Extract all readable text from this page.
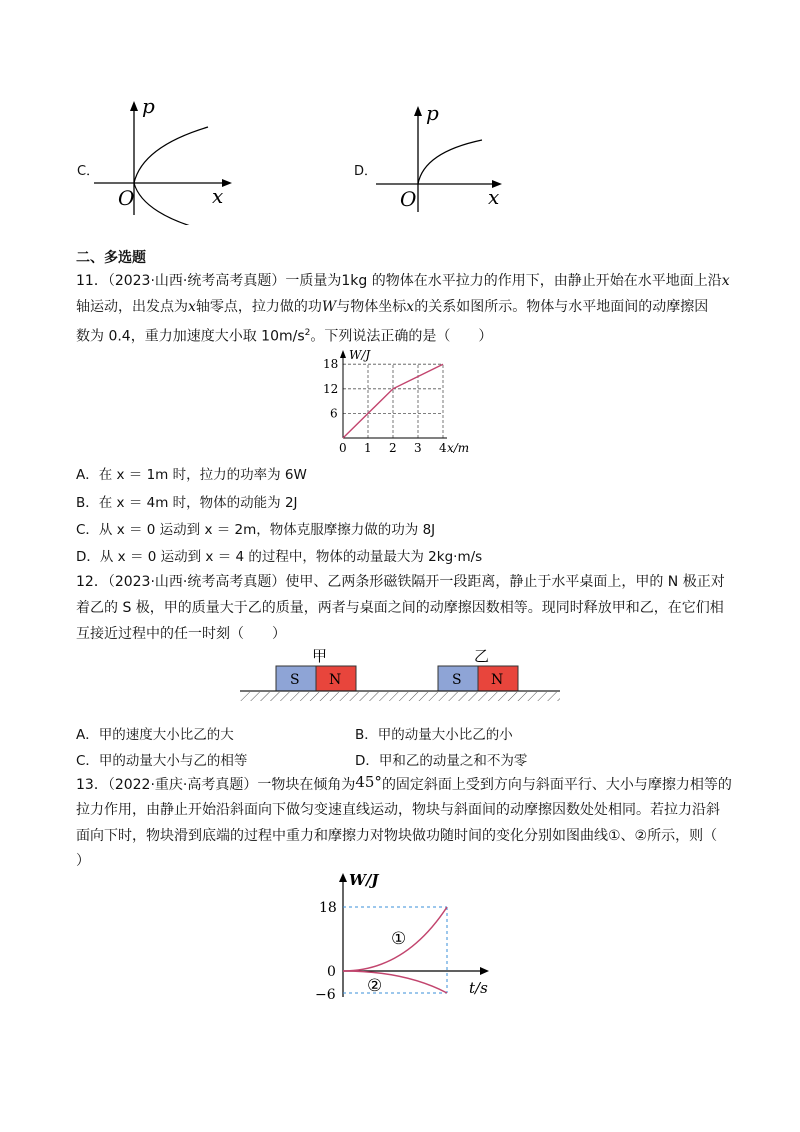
C．
p
x
O
D．
p
x
O
二、多选题
11．（2023·山西·统考高考真题）一质量为1kg 的物体在水平拉力的作用下，由静止开始在水平地面上沿x
轴运动，出发点为x轴零点，拉力做的功W与物体坐标x的关系如图所示。物体与水平地面间的动摩擦因
数为 0.4，重力加速度大小取 $10m/s^2$。下列说法正确的是（　　）
W/J
x/m
0 1 2 3 4
6
12
18
A．在 x ＝ 1m 时，拉力的功率为 6W
B．在 x ＝ 4m 时，物体的动能为 2J
C．从 x ＝ 0 运动到 x ＝ 2m，物体克服摩擦力做的功为 8J
D．从 x ＝ 0 运动到 x ＝ 4 的过程中，物体的动量最大为 2kg·m/s
12．（2023·山西·统考高考真题）使甲、乙两条形磁铁隔开一段距离，静止于水平桌面上，甲的 N 极正对
着乙的 S 极，甲的质量大于乙的质量，两者与桌面之间的动摩擦因数相等。现同时释放甲和乙，在它们相
互接近过程中的任一时刻（　　）
甲	乙
S N	S N
A．甲的速度大小比乙的大	B．甲的动量大小比乙的小
C．甲的动量大小与乙的相等	D．甲和乙的动量之和不为零
13．（2022·重庆·高考真题）一物块在倾角为45°的固定斜面上受到方向与斜面平行、大小与摩擦力相等的
拉力作用，由静止开始沿斜面向下做匀变速直线运动，物块与斜面间的动摩擦因数处处相同。若拉力沿斜
面向下时，物块滑到底端的过程中重力和摩擦力对物块做功随时间的变化分别如图曲线①、②所示，则（
）
W/J
t/s
18
0
−6
①
②
